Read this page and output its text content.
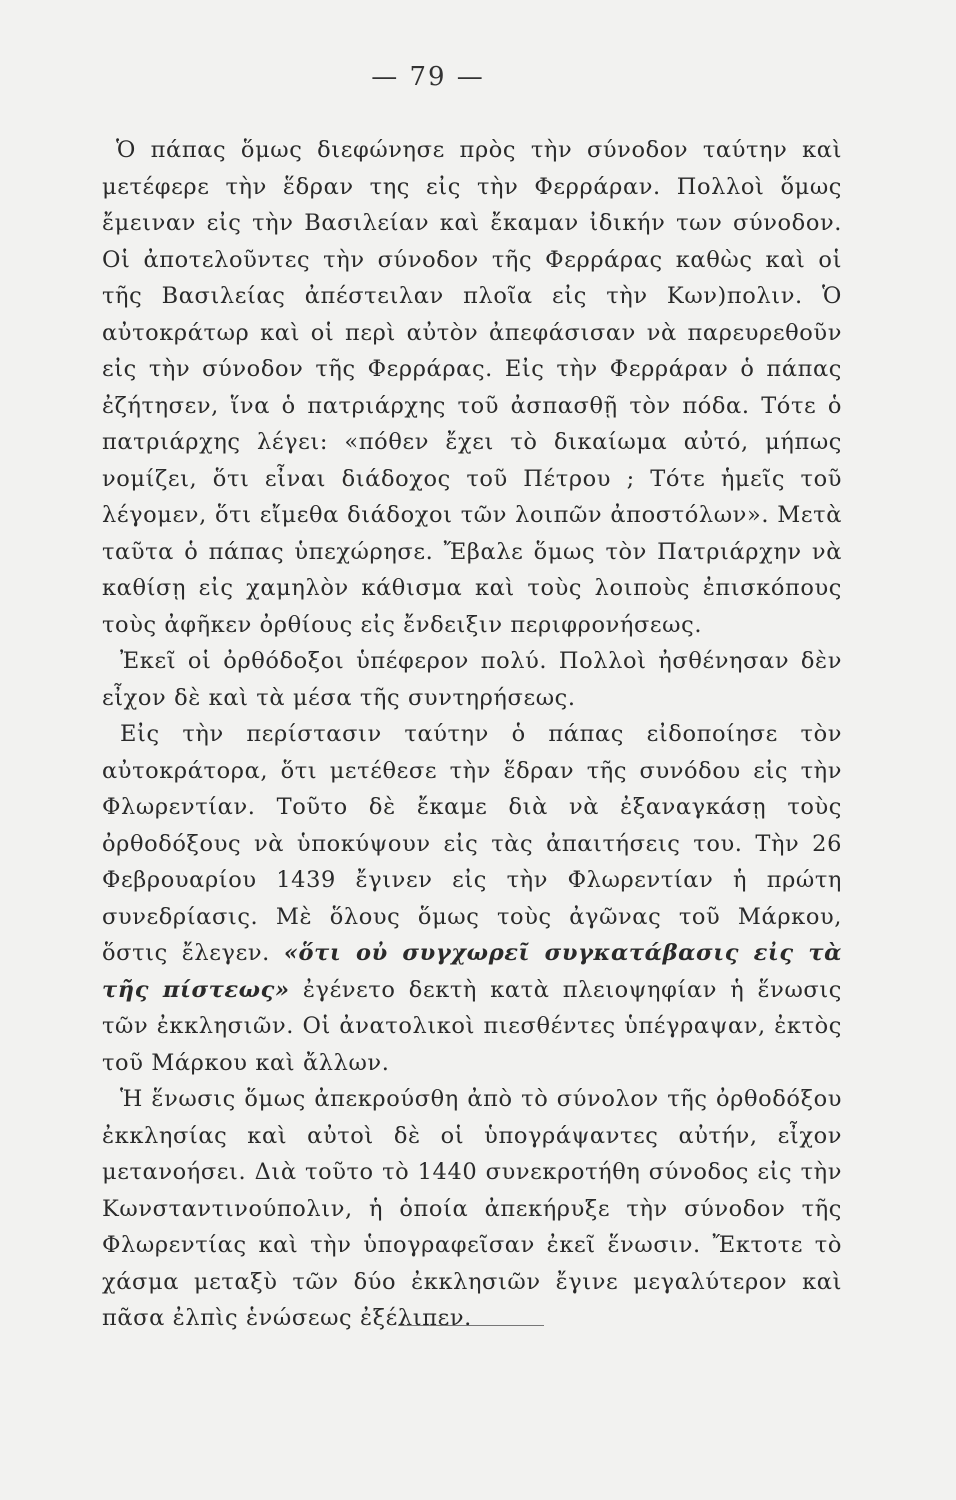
— 79 —

Ὁ πάπας ὅμως διεφώνησε πρὸς τὴν σύνοδον ταύτην καὶ μετέφερε τὴν ἕδραν της εἰς τὴν Φερράραν. Πολλοὶ ὅμως ἔμειναν εἰς τὴν Βασιλείαν καὶ ἔκαμαν ἰδικήν των σύνοδον. Οἱ ἀποτελοῦντες τὴν σύνοδον τῆς Φερράρας καθὼς καὶ οἱ τῆς Βασιλείας ἀπέστειλαν πλοῖα εἰς τὴν Κων)πολιν. Ὁ αὐτοκράτωρ καὶ οἱ περὶ αὐτὸν ἀπεφάσισαν νὰ παρευρεθοῦν εἰς τὴν σύνοδον τῆς Φερράρας. Εἰς τὴν Φερράραν ὁ πάπας ἐζήτησεν, ἵνα ὁ πατριάρχης τοῦ ἀσπασθῇ τὸν πόδα. Τότε ὁ πατριάρχης λέγει: «πόθεν ἔχει τὸ δικαίωμα αὐτό, μήπως νομίζει, ὅτι εἶναι διάδοχος τοῦ Πέτρου ; Τότε ἡμεῖς τοῦ λέγομεν, ὅτι εἴμεθα διάδοχοι τῶν λοιπῶν ἀποστόλων». Μετὰ ταῦτα ὁ πάπας ὑπεχώρησε. Ἔβαλε ὅμως τὸν Πατριάρχην νὰ καθίσῃ εἰς χαμηλὸν κάθισμα καὶ τοὺς λοιποὺς ἐπισκόπους τοὺς ἀφῆκεν ὀρθίους εἰς ἔνδειξιν περιφρονήσεως.

Ἐκεῖ οἱ ὀρθόδοξοι ὑπέφερον πολύ. Πολλοὶ ἠσθένησαν δὲν εἶχον δὲ καὶ τὰ μέσα τῆς συντηρήσεως.

Εἰς τὴν περίστασιν ταύτην ὁ πάπας εἰδοποίησε τὸν αὐτοκράτορα, ὅτι μετέθεσε τὴν ἕδραν τῆς συνόδου εἰς τὴν Φλωρεντίαν. Τοῦτο δὲ ἔκαμε διὰ νὰ ἐξαναγκάσῃ τοὺς ὀρθοδόξους νὰ ὑποκύψουν εἰς τὰς ἀπαιτήσεις του. Τὴν 26 Φεβρουαρίου 1439 ἔγινεν εἰς τὴν Φλωρεντίαν ἡ πρώτη συνεδρίασις. Μὲ ὅλους ὅμως τοὺς ἀγῶνας τοῦ Μάρκου, ὅστις ἔλεγεν. «ὅτι οὐ συγχωρεῖ συγκατάβασις εἰς τὰ τῆς πίστεως» ἐγένετο δεκτὴ κατὰ πλειοψηφίαν ἡ ἕνωσις τῶν ἐκκλησιῶν. Οἱ ἀνατολικοὶ πιεσθέντες ὑπέγραψαν, ἐκτὸς τοῦ Μάρκου καὶ ἄλλων.

Ἡ ἕνωσις ὅμως ἀπεκρούσθη ἀπὸ τὸ σύνολον τῆς ὀρθοδόξου ἐκκλησίας καὶ αὐτοὶ δὲ οἱ ὑπογράψαντες αὐτήν, εἶχον μετανοήσει. Διὰ τοῦτο τὸ 1440 συνεκροτήθη σύνοδος εἰς τὴν Κωνσταντινούπολιν, ἡ ὁποία ἀπεκήρυξε τὴν σύνοδον τῆς Φλωρεντίας καὶ τὴν ὑπογραφεῖσαν ἐκεῖ ἕνωσιν. Ἔκτοτε τὸ χάσμα μεταξὺ τῶν δύο ἐκκλησιῶν ἔγινε μεγαλύτερον καὶ πᾶσα ἐλπὶς ἑνώσεως ἐξέλιπεν.
